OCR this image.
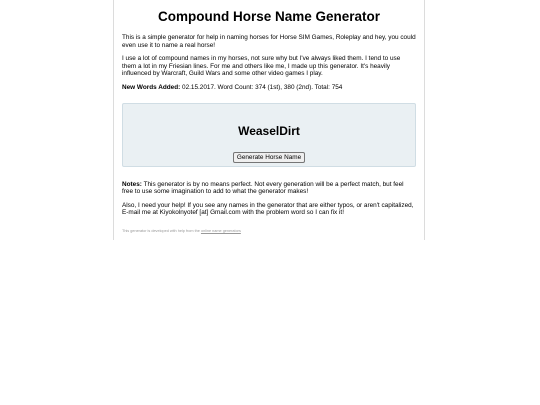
Compound Horse Name Generator

This is a simple generator for help in naming horses for Horse SIM Games, Roleplay and hey, you could even use it to name a real horse!

I use a lot of compound names in my horses, not sure why but I've always liked them. I tend to use them a lot in my Friesian lines. For me and others like me, I made up this generator. It's heavily influenced by Warcraft, Guild Wars and some other video games I play.

New Words Added: 02.15.2017. Word Count: 374 (1st), 380 (2nd). Total: 754

WeaselDirt
Generate Horse Name

Notes: This generator is by no means perfect. Not every generation will be a perfect match, but feel free to use some imagination to add to what the generator makes!

Also, I need your help! If you see any names in the generator that are either typos, or aren't capitalized, E-mail me at Kiyokolnyotef [at] Gmail.com with the problem word so I can fix it!

This generator is developed with help from the online name generators
